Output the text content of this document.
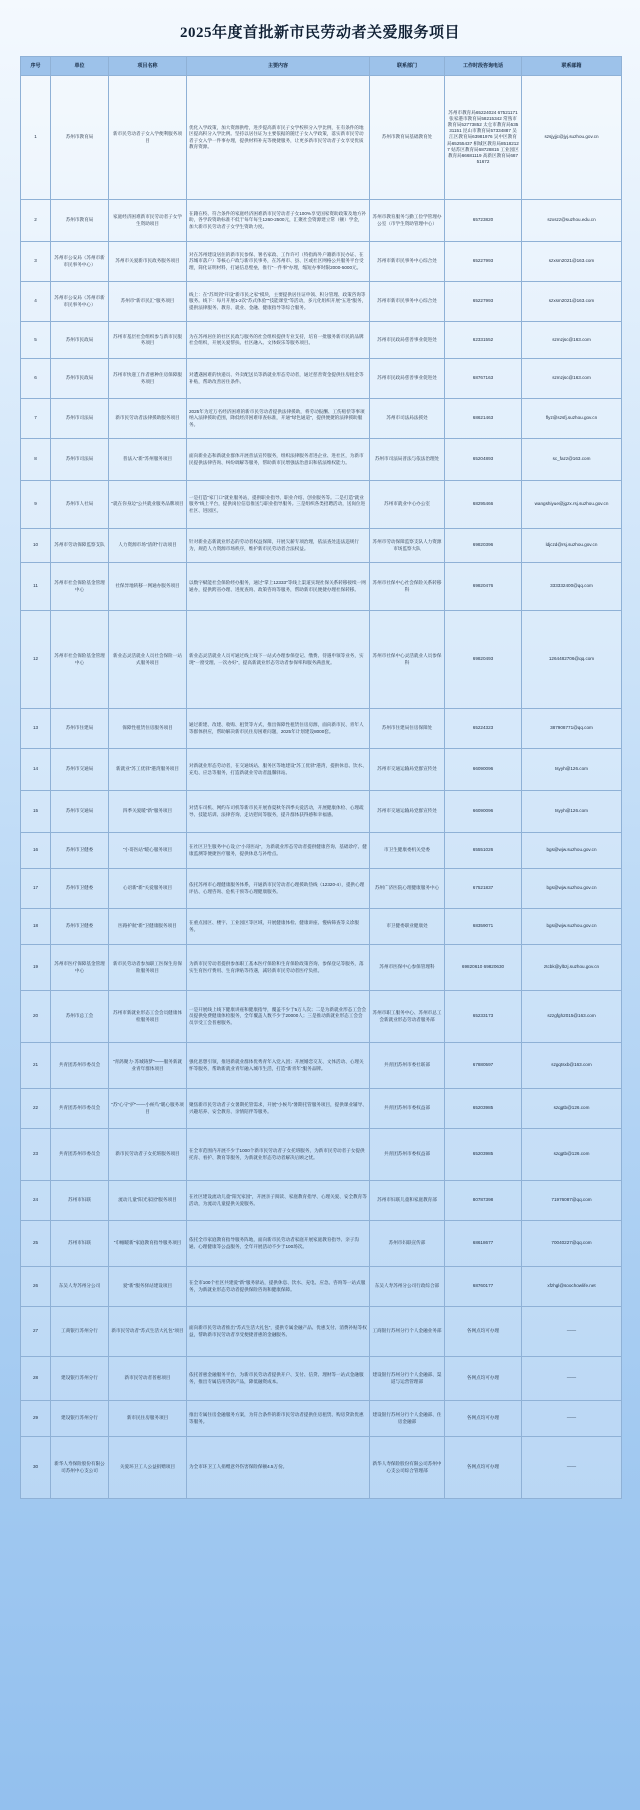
2025年度首批新市民劳动者关爱服务项目
序号	单位	项目名称	主要内容	联系部门	工作时段咨询电话	联系邮箱
1	苏州市教育局	新市民劳动者子女入学便利服务项目	优化入学政策，加大资源供给，进步提高新市民子女学校积分入学比例，在有条件的地区提高积分入学比例。坚持以居住证为主要依据的随迁子女入学政策，落实新市民劳动者子女入学一件事办理，提供材料补充等便捷服务，让更多新市民劳动者子女享受优质教育资源。	苏州市教育局基础教育处	苏州市教育局65224024 67521171 张家港市教育局58215342 常熟市教育局52773852 太仓市教育局53531151 昆山市教育局57334887 吴江区教育局63981976 吴中区教育局65255437 相城区教育局85182127 姑苏区教育局68728815 工业园区教育局66681119 高新区教育局68751672	szsjyjjc@jyj.suzhou.gov.cn
2	苏州市教育局	家庭经济困难新市民劳动者子女学生资助项目	在籍在校、符合条件的家庭经济困难新市民劳动者子女100%享受国家资助政策及地方补助，各学段资助标准不低于每年每生1260-2500元，汇聚社会资源建立常（额）学金，加大新市民劳动者子女学生资助力度。	苏州市教育服务与勤工俭学管理办公室（市学生资助管理中心）	65723820	szxszz@suzhou.edu.cn
3	苏州市公安局（苏州市新市民事务中心）	苏州市关爱新市民政务服务项目	对在苏州建设居住的新市民参保、署名家政、工作许可（特指海外户籍新市民办证、在苏城市落户）等核心户政与新市民事务，在苏州市、县、区或社区网格公共服务平台受理，简化证明材料，打通信息壁垒，推行"一件事"办理，缩短办事时限2000-5000元。	苏州市新市民事务中心综合处	65227993	szxsm2021@163.com
4	苏州市公安局（苏州市新市民事务中心）	苏州市"新市民汇"服务项目	线上：在"苏周到"开设"新市民之家"模块，主要提供居住证申领、积分管理、政策咨询等服务。线下：每月开展1-2次"苏式体验""技能课堂"等活动，多元化组织开展"五进"服务，提供法律服务、教育、就业、金融、健康指导等综合服务。	苏州市新市民事务中心综合处	65227993	szxsm2021@163.com
5	苏州市民政局	苏州市基层社会组织参与新市民服务项目	为在苏州居住的社区民政与服务的社会组织提供专业支持，培育一批服务新市民的品牌社会组织，开展关爱帮扶、社区融入、文体娱乐等服务项目。	苏州市民政局慈善事业促进处	62331552	szmzjsc@163.com
6	苏州市民政局	苏州市快递工作者惠种住房保障服务项目	对遭遇困难的快递员、外卖配送员等新就业形态劳动者，通过慈善资金提供住房租金等补贴，帮助改善居住条件。	苏州市民政局慈善事业促进处	68767163	szmzjsc@163.com
7	苏州市司法局	新市民劳动者法律援助服务项目	2025年为近万名经济困难的新市民劳动者提供法律援助，将劳动报酬、工伤赔偿等事项纳入法律援助范围，降低经济困难审查标准，开通"绿色通道"，提供便捷的法律援助服务。	苏州市司法局法援处	68621463	flyz@szsfj.suzhou.gov.cn
8	苏州市司法局	普法入"新"苏州服务项目	面向新业态和新就业群体开展普法宣传服务，组织法律服务者进企业、进社区，为新市民提供法律咨询、纠纷调解等服务，帮助新市民增强法治意识和依法维权能力。	苏州市司法局普法与依法治理处	65204893	sc_fazz@163.com
9	苏州市人社局	"就在你身边"公共就业服务品牌项目	一是打造"家门口"就业服务站，提供职业指导、职业介绍、创业服务等。二是打造"就业服务"线上平台，提供岗位信息推送与职业指导服务。三是组织各类招聘活动，送岗位进社区、进园区。	苏州市就业中心办公室	68295466	wangshiyue@jgzx.rsj.suzhou.gov.cn
10	苏州市劳动保障监察支队	人力资源市场"清朗"行动项目	针对新业态新就业形态的劳动者权益保障，开展欠薪专项治理，依法查处违法违规行为，规范人力资源市场秩序，维护新市民劳动者合法权益。	苏州市劳动保障监察支队人力资源市场监察大队	69820396	ldjczd@rsj.suzhou.gov.cn
11	苏州市社会保险基金管理中心	社保异地转移一网通办服务项目	以数字赋能社会保险经办服务，通过"掌上12333"等线上渠道实现社保关系转移接续一网通办，提供跨省办理、进度查询、政策咨询等服务，帮助新市民便捷办理社保转移。	苏州市社保中心社会保险关系转移科	69820476	333332400@qq.com
12	苏州市社会保险基金管理中心	新业态灵活就业人员社会保险一站式服务项目	新业态灵活就业人员可通过线上线下一站式办理参保登记、缴费、待遇申领等业务，实现"一窗受理、一次办好"，提高新就业形态劳动者参保率和服务满意度。	苏州市社保中心灵活就业人员参保科	69820493	1264482706@qq.com
13	苏州市住建局	保障性租赁住房服务项目	通过新建、改建、收购、租赁等方式，推出保障性租赁住房房源，面向新市民、青年人等群体供应，帮助解决新市民住房困难问题，2025年计划建设8000套。	苏州市住建局住房保障处	65224323	387908771@qq.com
14	苏州市交通局	新就业"苏工优驿"港湾服务项目	对新就业形态劳动者，在交通场站、服务区等地建设"苏工优驿"港湾，提供休息、饮水、充电、应急等服务，打造新就业劳动者温馨驿站。	苏州市交通运输局党群宣传处	66090096	tsyyh@126.com
15	苏州市交通局	四季关爱暖"新"服务项目	对货车司机、网约车司机等新市民开展春夏秋冬四季关爱活动，开展健康体检、心理疏导、技能培训、法律咨询、走访慰问等服务，提升群体获得感和幸福感。	苏州市交通运输局党群宣传处	66090096	tsyyh@126.com
16	苏州市卫健委	"小哥医站"暖心服务项目	在社区卫生服务中心设立"小哥医站"，为新就业形态劳动者提供健康咨询、基础诊疗、健康监测等便捷医疗服务，提供休息与补给点。	市卫生健康委机关党委	65551026	bgs@wjw.suzhou.gov.cn
17	苏州市卫健委	心语新"新"关爱服务项目	依托苏州市心理健康服务体系，开通新市民劳动者心理援助热线（12320-4），提供心理评估、心理咨询、危机干预等心理健康服务。	苏州广济医院心理健康服务中心	67521837	bgs@wjw.suzhou.gov.cn
18	苏州市卫健委	医路护航"新"卫健康服务项目	在重点园区、楼宇、工业园区等区域，开展健康体检、健康讲座、慢病筛查等义诊服务。	市卫健委职业健康处	68359071	bgs@wjw.suzhou.gov.cn
19	苏州市医疗保障基金管理中心	新市民劳动者参加职工医保生育保险服务项目	为新市民劳动者提供参加职工基本医疗保险和生育保险政策咨询、参保登记等服务，落实生育医疗费用、生育津贴等待遇，减轻新市民劳动者医疗负担。	苏州市医保中心参保管理科	69820610 69820630	ztcbk@ylbzj.suzhou.gov.cn
20	苏州市总工会	苏州市新就业形态工会会员健康体检服务项目	一是开展线上线下健康讲座和健康指导，覆盖不少于5万人次；二是为新就业形态工会会员提供免费健康体检服务，全年覆盖人数不少于20000人；三是推动新就业形态工会会员享受工会普惠服务。	苏州市职工服务中心、苏州市总工会新就业形态劳动者服务部	65233173	szzgfgh2015@163.com
21	共青团苏州市委员会	"青鸽聚力·苏城铸梦"——服务新就业青年群体项目	强化思想引领，推进新就业群体优秀青年入党入团；开展婚恋交友、文体活动、心理关怀等服务，帮助新就业青年融入城市生活，打造"新青年"服务品牌。	共青团苏州市委社联部	67880597	szgqtsxb@163.com
22	共青团苏州市委员会	"苏"心守"护"——小候鸟"暖心服务项目	聚焦新市民劳动者子女暑期托管需求，开展"小候鸟"暑期托管服务项目，提供课业辅导、兴趣培养、安全教育、亲情陪伴等服务。	共青团苏州市委权益部	65203985	szqgtb@126.com
23	共青团苏州市委员会	新市民劳动者子女托班服务项目	在全市范围内开展不少于1000个新市民劳动者子女托班服务，为新市民劳动者子女提供托育、看护、教育等服务，为新就业形态劳动者解决后顾之忧。	共青团苏州市委权益部	65203985	szqgtb@126.com
24	苏州市妇联	流动儿童"阳光家园"服务项目	在社区建设流动儿童"阳光家园"，开展亲子阅读、家庭教育指导、心理关爱、安全教育等活动，为流动儿童提供关爱服务。	苏州市妇联儿童和家庭教育部	80787398	71976087@qq.com
25	苏州市妇联	"巾帼暖新"家庭教育指导服务项目	依托全市家庭教育指导服务阵地，面向新市民劳动者家庭开展家庭教育指导、亲子沟通、心理健康等公益服务，全年开展活动不少于100场次。	苏州市妇联宣传部	68618677	70040227@qq.com
26	东吴人寿苏州分公司	爱"新"服务驿站建设项目	在全市100个社区共建爱"新"服务驿站，提供休息、饮水、充电、应急、咨询等一站式服务，为新就业形态劳动者提供保险咨询和健康保障。	东吴人寿苏州分公司行政综合部	68760177	xfzhgl@soochowlife.net
27	工商银行苏州分行	新市民劳动者"苏式生活大礼包"项目	面向新市民劳动者推出"苏式生活大礼包"，提供专属金融产品、优惠支付、消费补贴等权益，帮助新市民劳动者享受便捷普惠的金融服务。	工商银行苏州分行个人金融业务部	各网点均可办理	——
28	建设银行苏州分行	新市民劳动者普惠项目	依托普惠金融服务平台，为新市民劳动者提供开户、支付、信贷、理财等一站式金融服务，推出专属信用贷款产品，降低融资成本。	建设银行苏州分行个人金融部、渠道与运营管理部	各网点均可办理	——
29	建设银行苏州分行	新市民住房服务项目	推出专属住房金融服务方案，为符合条件的新市民劳动者提供住房租赁、购房贷款优惠等服务。	建设银行苏州分行个人金融部、住房金融部	各网点均可办理	——
30	新华人寿保险股份有限公司苏州中心支公司	关爱环卫工人公益捐赠项目	为全市环卫工人捐赠意外伤害保险保额4.5万份。	新华人寿保险股份有限公司苏州中心支公司综合管理部	各网点均可办理	——
